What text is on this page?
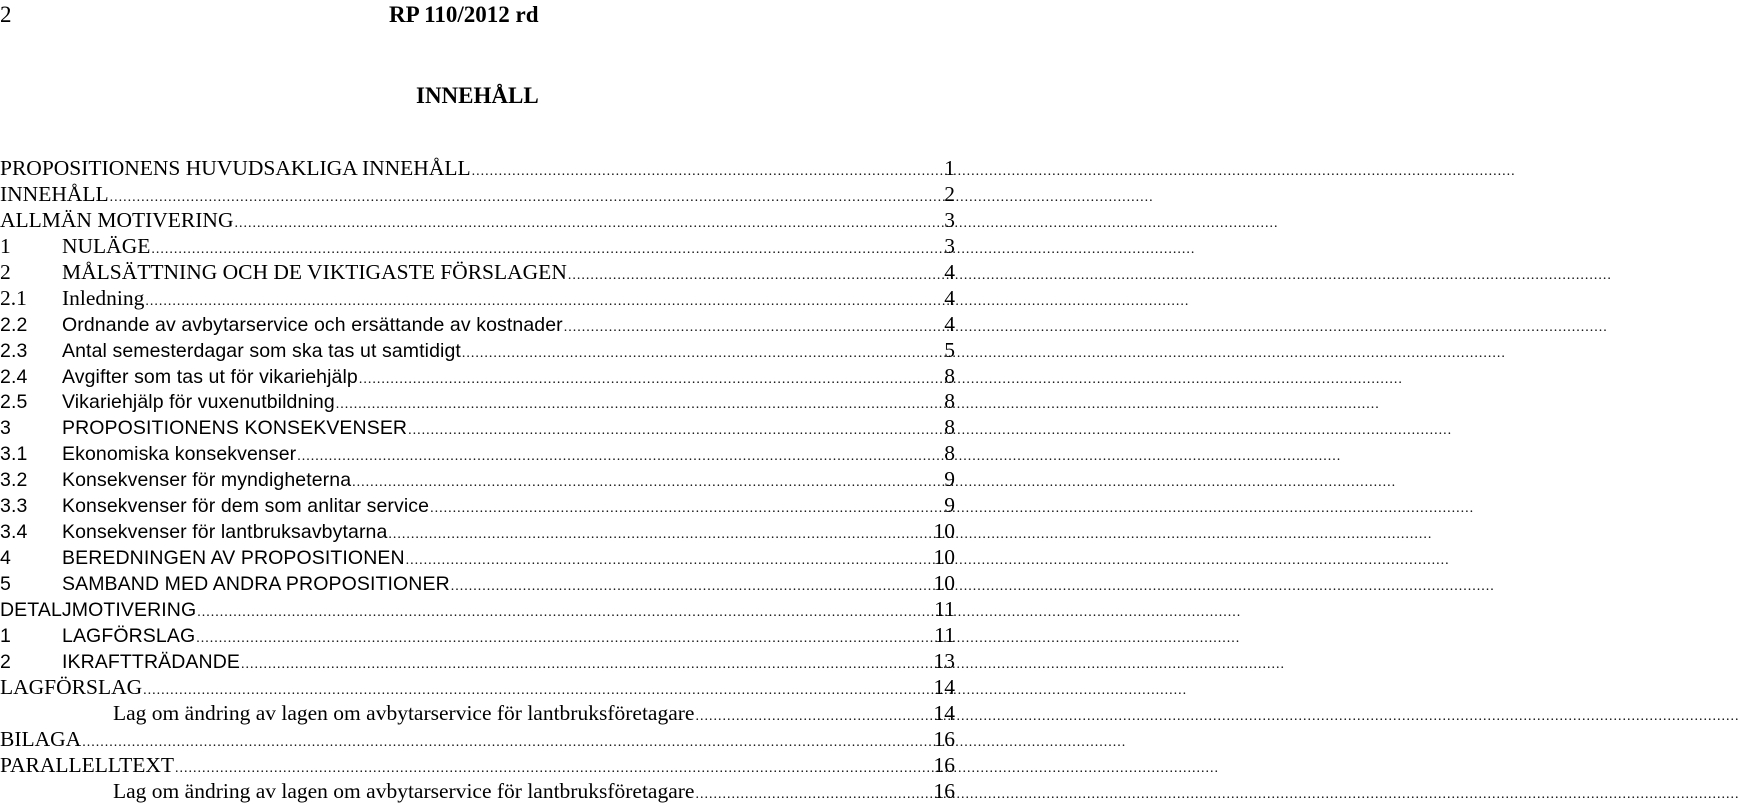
2	RP 110/2012 rd
INNEHÅLL
PROPOSITIONENS HUVUDSAKLIGA INNEHÅLL .....	1
INNEHÅLL .....	2
ALLMÄN MOTIVERING .....	3
1	NULÄGE .....	3
2	MÅLSÄTTNING OCH DE VIKTIGASTE FÖRSLAGEN .....	4
2.1	Inledning .....	4
2.2	Ordnande av avbytarservice och ersättande av kostnader .....	4
2.3	Antal semesterdagar som ska tas ut samtidigt .....	5
2.4	Avgifter som tas ut för vikariehjälp .....	8
2.5	Vikariehjälp för vuxenutbildning .....	8
3	PROPOSITIONENS KONSEKVENSER .....	8
3.1	Ekonomiska konsekvenser .....	8
3.2	Konsekvenser för myndigheterna .....	9
3.3	Konsekvenser för dem som anlitar service .....	9
3.4	Konsekvenser för lantbruksavbytarna .....	10
4	BEREDNINGEN AV PROPOSITIONEN .....	10
5	SAMBAND MED ANDRA PROPOSITIONER .....	10
DETALJMOTIVERING .....	11
1	LAGFÖRSLAG .....	11
2	IKRAFTTRÄDANDE .....	13
LAGFÖRSLAG .....	14
Lag om ändring av lagen om avbytarservice för lantbruksföretagare .....	14
BILAGA .....	16
PARALLELLTEXT .....	16
Lag om ändring av lagen om avbytarservice för lantbruksföretagare .....	16
